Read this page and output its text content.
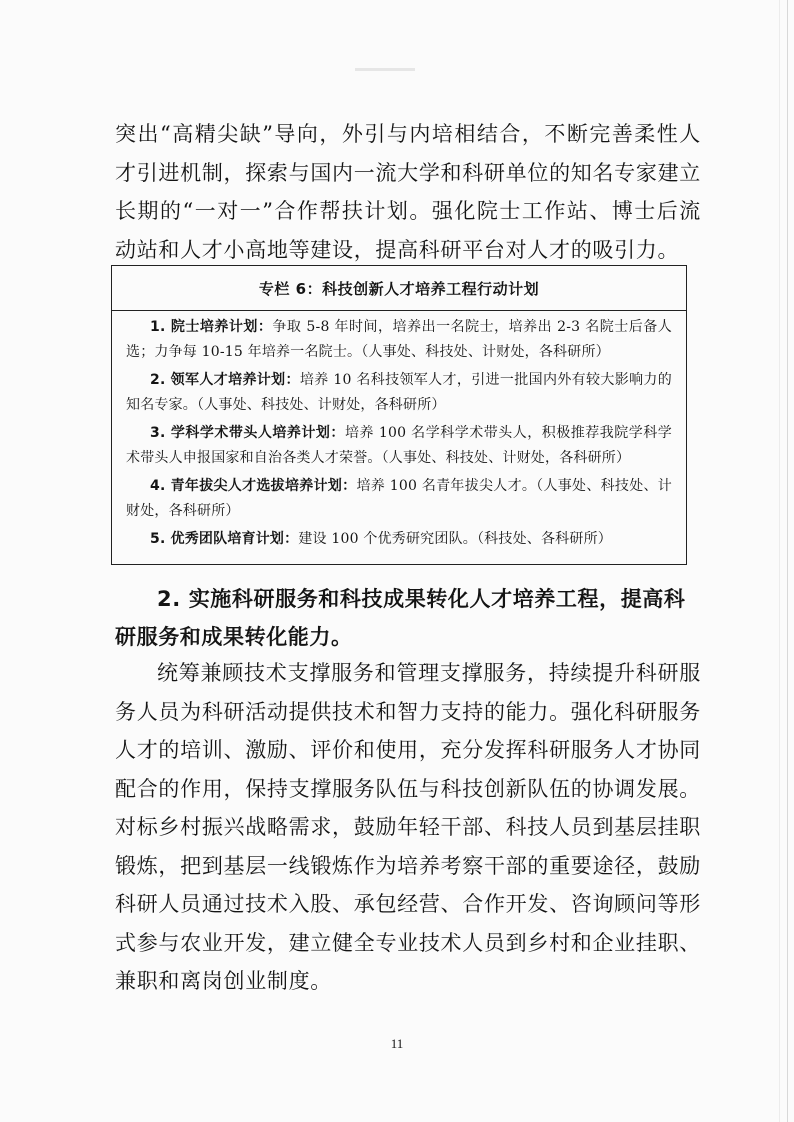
突出“高精尖缺”导向，外引与内培相结合，不断完善柔性人才引进机制，探索与国内一流大学和科研单位的知名专家建立长期的“一对一”合作帮扶计划。强化院士工作站、博士后流动站和人才小高地等建设，提高科研平台对人才的吸引力。

专栏 6：科技创新人才培养工程行动计划

1. 院士培养计划：争取 5-8 年时间，培养出一名院士，培养出 2-3 名院士后备人选；力争每 10-15 年培养一名院士。（人事处、科技处、计财处，各科研所）

2. 领军人才培养计划：培养 10 名科技领军人才，引进一批国内外有较大影响力的知名专家。（人事处、科技处、计财处，各科研所）

3. 学科学术带头人培养计划：培养 100 名学科学术带头人，积极推荐我院学科学术带头人申报国家和自治各类人才荣誉。（人事处、科技处、计财处，各科研所）

4. 青年拔尖人才选拔培养计划：培养 100 名青年拔尖人才。（人事处、科技处、计财处，各科研所）

5. 优秀团队培育计划：建设 100 个优秀研究团队。（科技处、各科研所）

2. 实施科研服务和科技成果转化人才培养工程，提高科研服务和成果转化能力。

统筹兼顾技术支撑服务和管理支撑服务，持续提升科研服务人员为科研活动提供技术和智力支持的能力。强化科研服务人才的培训、激励、评价和使用，充分发挥科研服务人才协同配合的作用，保持支撑服务队伍与科技创新队伍的协调发展。对标乡村振兴战略需求，鼓励年轻干部、科技人员到基层挂职锻炼，把到基层一线锻炼作为培养考察干部的重要途径，鼓励科研人员通过技术入股、承包经营、合作开发、咨询顾问等形式参与农业开发，建立健全专业技术人员到乡村和企业挂职、兼职和离岗创业制度。

11
